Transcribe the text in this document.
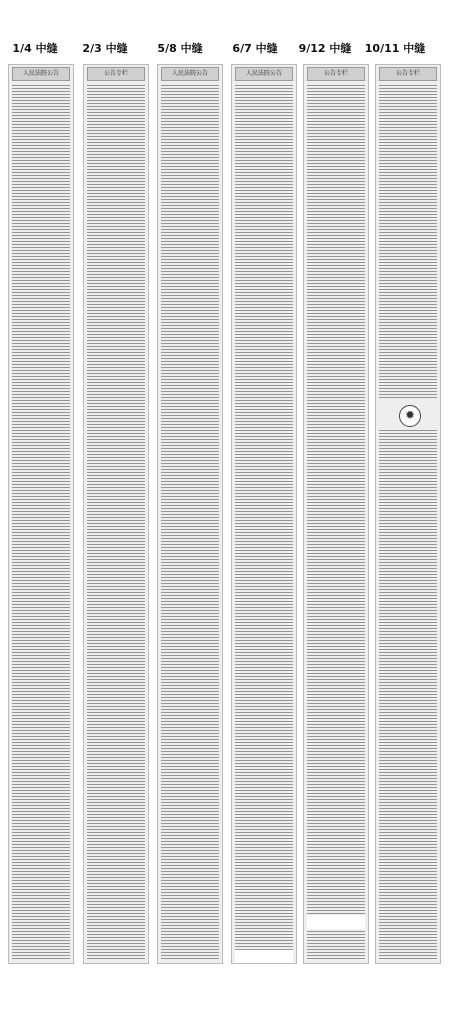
1/4 中缝	2/3 中缝	5/8 中缝	6/7 中缝	9/12 中缝	10/11 中缝
人民法院公告	公告专栏	人民法院公告	人民法院公告	公告专栏	公告专栏
✹
